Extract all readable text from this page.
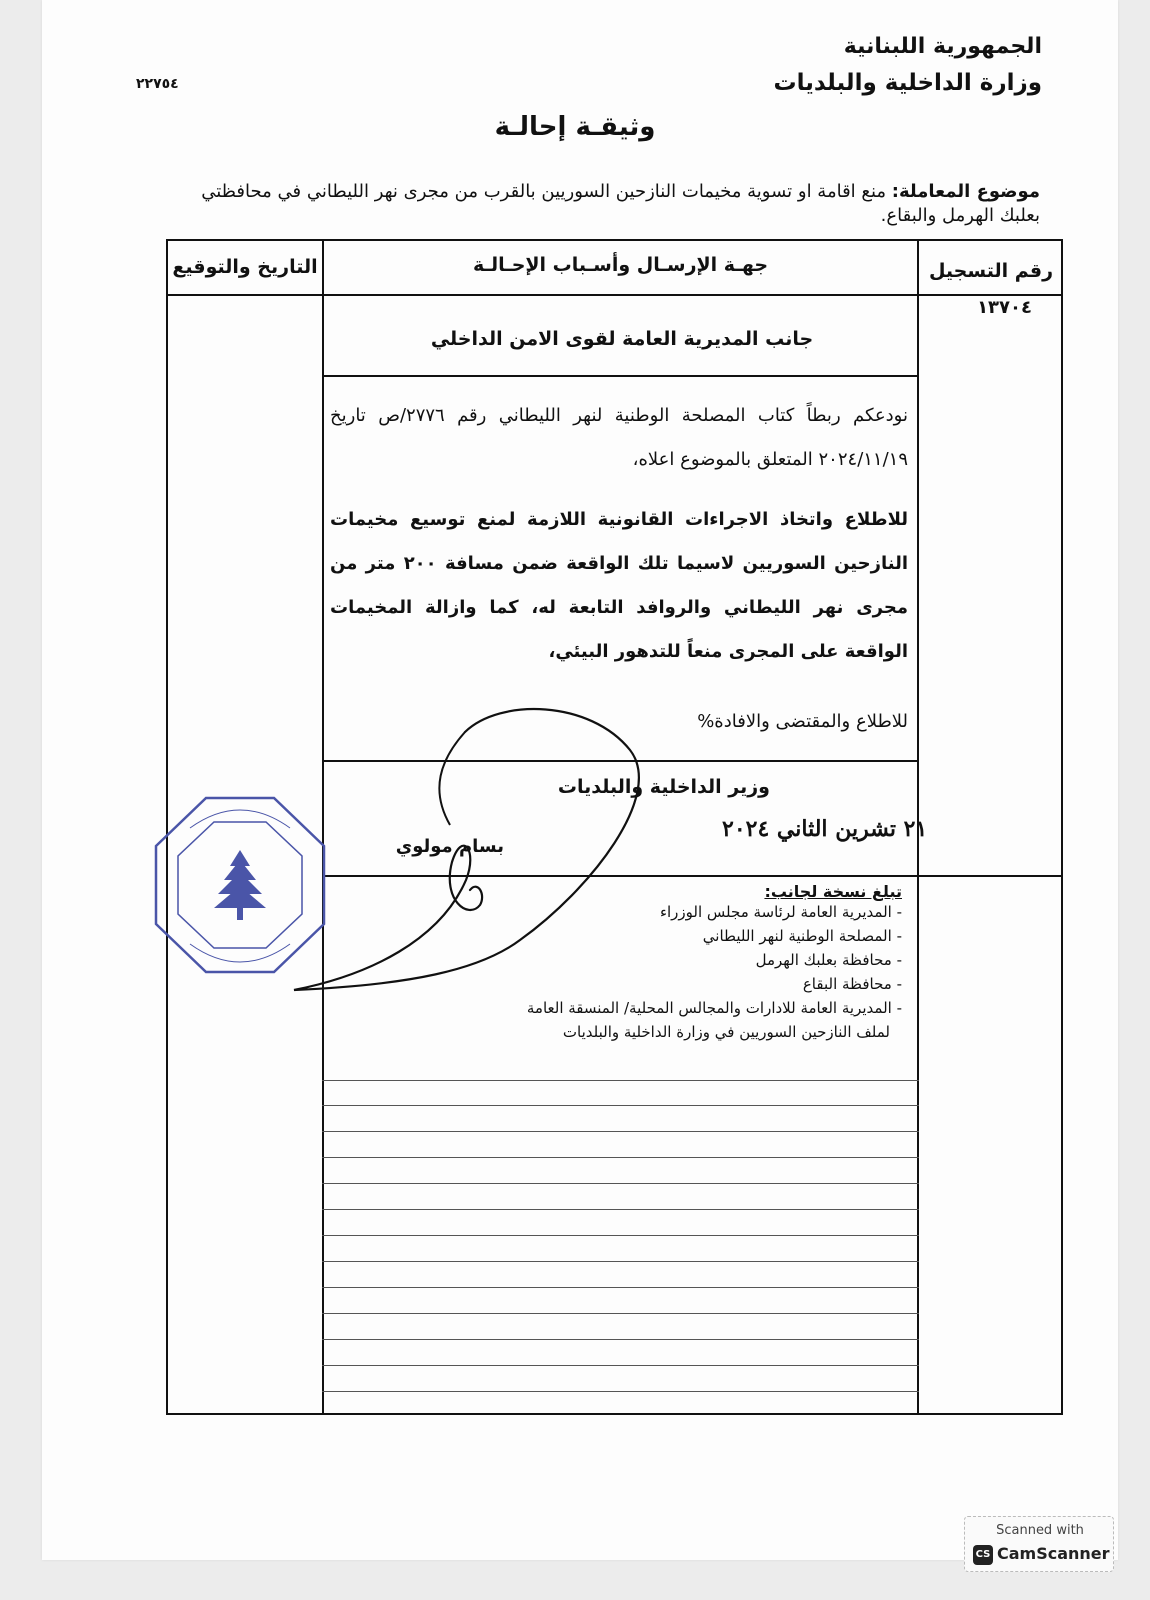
الجمهورية اللبنانية
وزارة الداخلية والبلديات
٢٢٧٥٤
وثيقـة إحالـة
موضوع المعاملة: منع اقامة او تسوية مخيمات النازحين السوريين بالقرب من مجرى نهر الليطاني في محافظتي بعلبك الهرمل والبقاع.
رقم التسجيل
جهـة الإرسـال وأسـباب الإحـالـة
التاريخ والتوقيع
١٣٧٠٤
جانب المديرية العامة لقوى الامن الداخلي
نودعكم ربطاً كتاب المصلحة الوطنية لنهر الليطاني رقم ٢٧٧٦/ص تاريخ ٢٠٢٤/١١/١٩ المتعلق بالموضوع اعلاه،
للاطلاع واتخاذ الاجراءات القانونية اللازمة لمنع توسيع مخيمات النازحين السوريين لاسيما تلك الواقعة ضمن مسافة ٢٠٠ متر من مجرى نهر الليطاني والروافد التابعة له، كما وازالة المخيمات الواقعة على المجرى منعاً للتدهور البيئي،
للاطلاع والمقتضى والافادة%
وزير الداخلية والبلديات
بسام مولوي
٢١ تشرين الثاني ٢٠٢٤
تبلغ نسخة لجانب:
- المديرية العامة لرئاسة مجلس الوزراء
- المصلحة الوطنية لنهر الليطاني
- محافظة بعلبك الهرمل
- محافظة البقاع
- المديرية العامة للادارات والمجالس المحلية/ المنسقة العامة
لملف النازحين السوريين في وزارة الداخلية والبلديات
Scanned with
CS CamScanner
